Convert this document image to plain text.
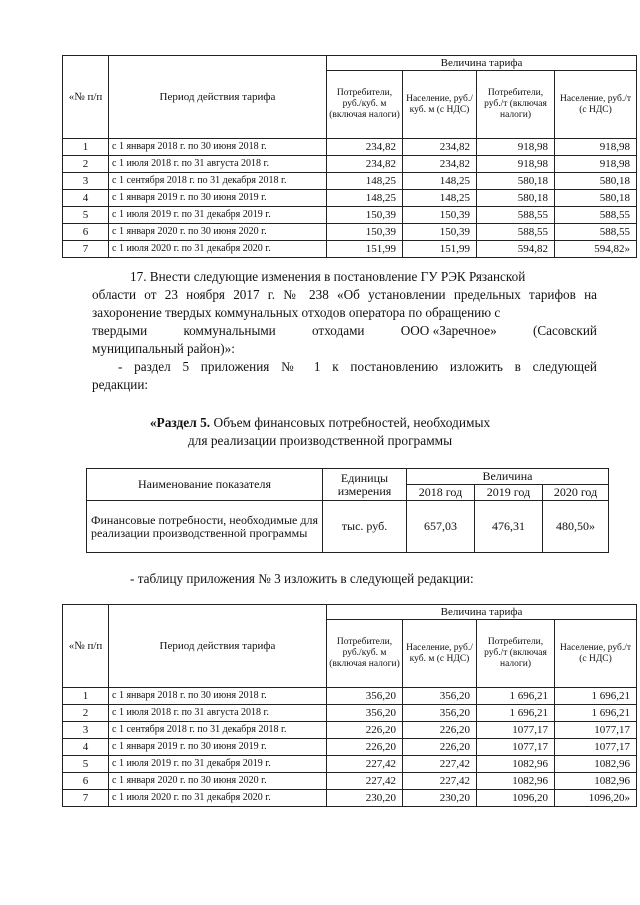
«№ п/п	Период действия тарифа	Величина тарифа			
		Потребители, руб./куб. м (включая налоги)	Население, руб./куб. м (с НДС)	Потребители, руб./т (включая налоги)	Население, руб./т (с НДС)
1	с 1 января 2018 г. по 30 июня 2018 г.	234,82	234,82	918,98	918,98
2	с 1 июля 2018 г. по 31 августа 2018 г.	234,82	234,82	918,98	918,98
3	с 1 сентября 2018 г. по 31 декабря 2018 г.	148,25	148,25	580,18	580,18
4	с 1 января 2019 г. по 30 июня 2019 г.	148,25	148,25	580,18	580,18
5	с 1 июля 2019 г. по 31 декабря 2019 г.	150,39	150,39	588,55	588,55
6	с 1 января 2020 г. по 30 июня 2020 г.	150,39	150,39	588,55	588,55
7	с 1 июля 2020 г. по 31 декабря 2020 г.	151,99	151,99	594,82	594,82»
17. Внести следующие изменения в постановление ГУ РЭК Рязанской
области от 23 ноября 2017 г. № 238 «Об установлении предельных тарифов на захоронение твердых коммунальных отходов оператора по обращению с
твердыми	коммунальными	отходами	ООО «Заречное»	(Сасовский
муниципальный район)»:
- раздел 5 приложения № 1 к постановлению изложить в следующей
редакции:
«Раздел 5. Объем финансовых потребностей, необходимых
для реализации производственной программы
Наименование показателя	Единицы измерения	Величина		
		2018 год	2019 год	2020 год
Финансовые потребности, необходимые для реализации производственной программы	тыс. руб.	657,03	476,31	480,50»
- таблицу приложения № 3 изложить в следующей редакции:
«№ п/п	Период действия тарифа	Величина тарифа			
		Потребители, руб./куб. м (включая налоги)	Население, руб./куб. м (с НДС)	Потребители, руб./т (включая налоги)	Население, руб./т (с НДС)
1	с 1 января 2018 г. по 30 июня 2018 г.	356,20	356,20	1 696,21	1 696,21
2	с 1 июля 2018 г. по 31 августа 2018 г.	356,20	356,20	1 696,21	1 696,21
3	с 1 сентября 2018 г. по 31 декабря 2018 г.	226,20	226,20	1077,17	1077,17
4	с 1 января 2019 г. по 30 июня 2019 г.	226,20	226,20	1077,17	1077,17
5	с 1 июля 2019 г. по 31 декабря 2019 г.	227,42	227,42	1082,96	1082,96
6	с 1 января 2020 г. по 30 июня 2020 г.	227,42	227,42	1082,96	1082,96
7	с 1 июля 2020 г. по 31 декабря 2020 г.	230,20	230,20	1096,20	1096,20»
